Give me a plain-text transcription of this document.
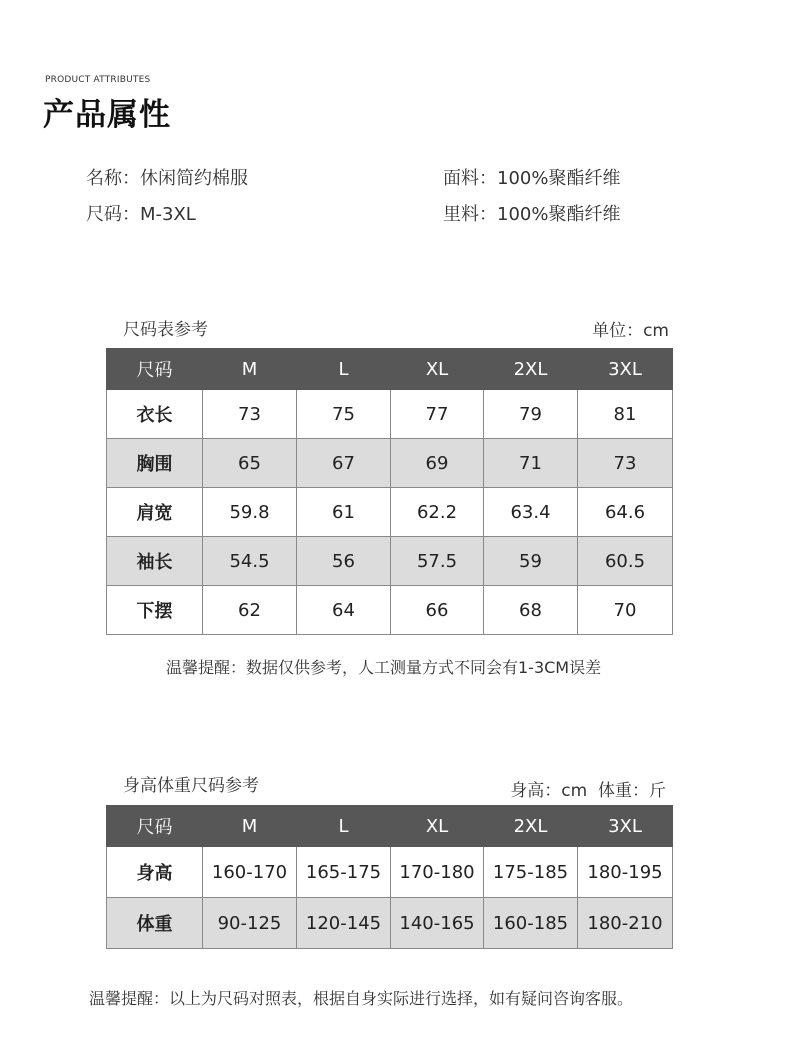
PRODUCT ATTRIBUTES
产品属性
名称：休闲简约棉服	面料：100%聚酯纤维
尺码：M-3XL	里料：100%聚酯纤维
尺码表参考	单位：cm
尺码	M	L	XL	2XL	3XL
衣长	73	75	77	79	81
胸围	65	67	69	71	73
肩宽	59.8	61	62.2	63.4	64.6
袖长	54.5	56	57.5	59	60.5
下摆	62	64	66	68	70
温馨提醒：数据仅供参考，人工测量方式不同会有1-3CM误差
身高体重尺码参考	身高：cm  体重：斤
尺码	M	L	XL	2XL	3XL
身高	160-170	165-175	170-180	175-185	180-195
体重	90-125	120-145	140-165	160-185	180-210
温馨提醒：以上为尺码对照表，根据自身实际进行选择，如有疑问咨询客服。
